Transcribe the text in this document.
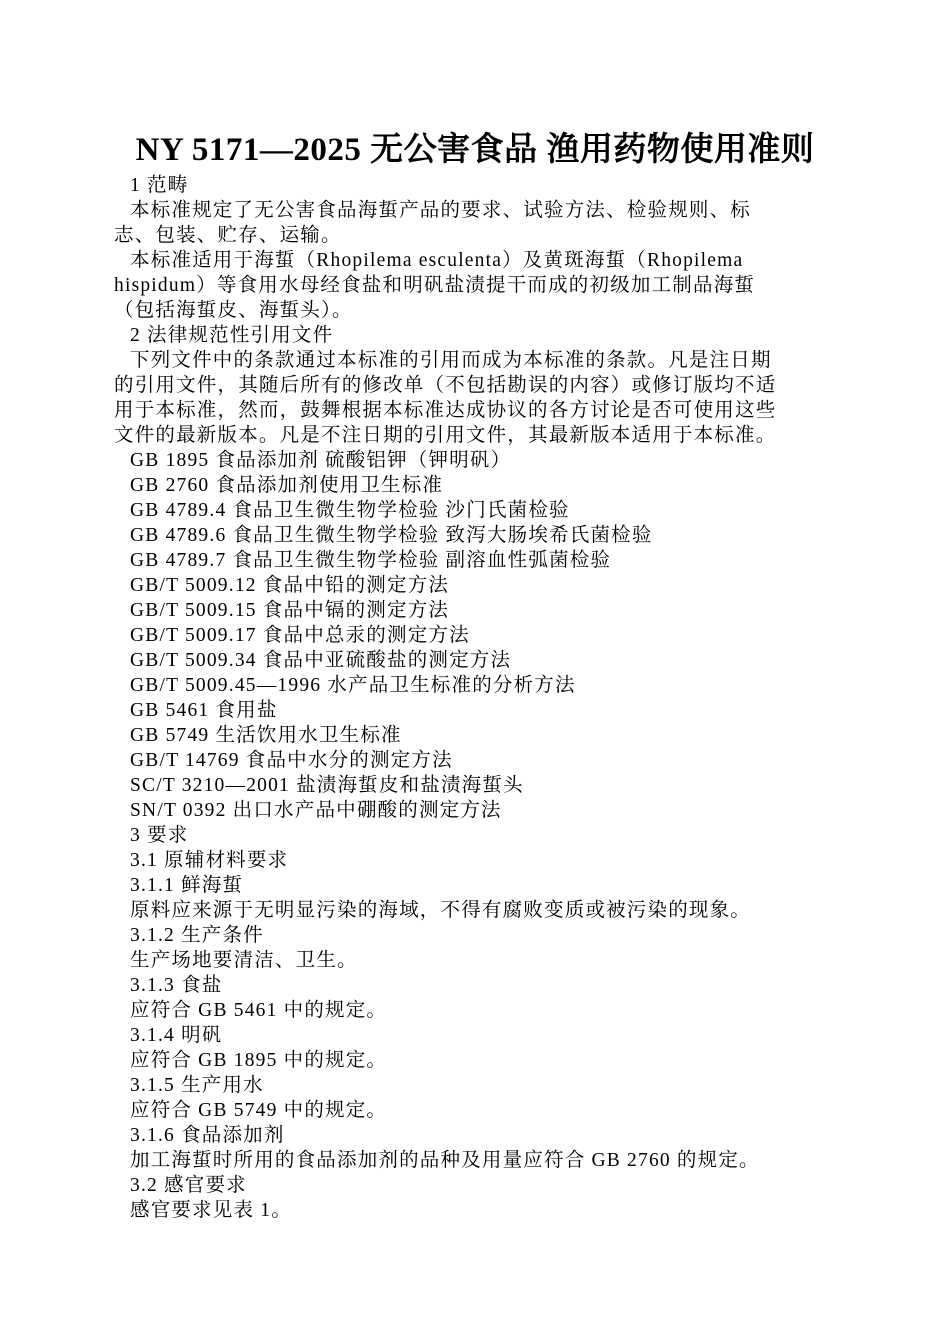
NY 5171—2025 无公害食品 渔用药物使用准则
1 范畴
本标准规定了无公害食品海蜇产品的要求、试验方法、检验规则、标
志、包装、贮存、运输。
本标准适用于海蜇（Rhopilema esculenta）及黄斑海蜇（Rhopilema
hispidum）等食用水母经食盐和明矾盐渍提干而成的初级加工制品海蜇
（包括海蜇皮、海蜇头）。
2 法律规范性引用文件
下列文件中的条款通过本标准的引用而成为本标准的条款。凡是注日期
的引用文件，其随后所有的修改单（不包括勘误的内容）或修订版均不适
用于本标准，然而，鼓舞根据本标准达成协议的各方讨论是否可使用这些
文件的最新版本。凡是不注日期的引用文件，其最新版本适用于本标准。
GB 1895 食品添加剂 硫酸铝钾（钾明矾）
GB 2760 食品添加剂使用卫生标准
GB 4789.4 食品卫生微生物学检验 沙门氏菌检验
GB 4789.6 食品卫生微生物学检验 致泻大肠埃希氏菌检验
GB 4789.7 食品卫生微生物学检验 副溶血性弧菌检验
GB/T 5009.12 食品中铅的测定方法
GB/T 5009.15 食品中镉的测定方法
GB/T 5009.17 食品中总汞的测定方法
GB/T 5009.34 食品中亚硫酸盐的测定方法
GB/T 5009.45—1996 水产品卫生标准的分析方法
GB 5461 食用盐
GB 5749 生活饮用水卫生标准
GB/T 14769 食品中水分的测定方法
SC/T 3210—2001 盐渍海蜇皮和盐渍海蜇头
SN/T 0392 出口水产品中硼酸的测定方法
3 要求
3.1 原辅材料要求
3.1.1 鲜海蜇
原料应来源于无明显污染的海域，不得有腐败变质或被污染的现象。
3.1.2 生产条件
生产场地要清洁、卫生。
3.1.3 食盐
应符合 GB 5461 中的规定。
3.1.4 明矾
应符合 GB 1895 中的规定。
3.1.5 生产用水
应符合 GB 5749 中的规定。
3.1.6 食品添加剂
加工海蜇时所用的食品添加剂的品种及用量应符合 GB 2760 的规定。
3.2 感官要求
感官要求见表 1。
